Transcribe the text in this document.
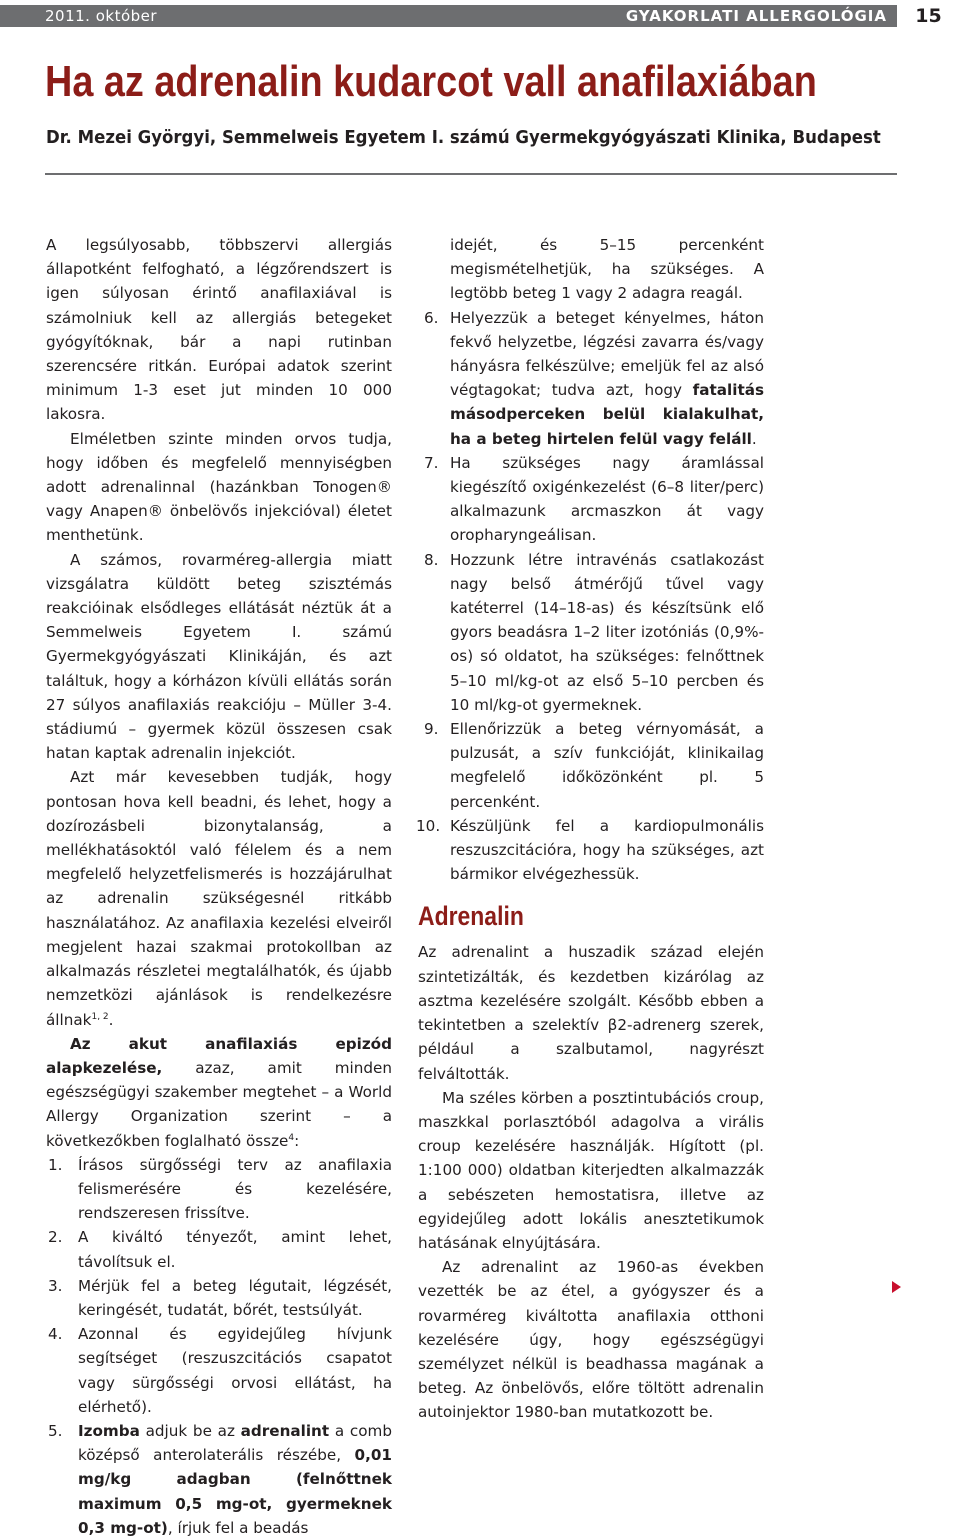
2011. október	GYAKORLATI ALLERGOLÓGIA	15
Ha az adrenalin kudarcot vall anafilaxiában

Dr. Mezei Györgyi, Semmelweis Egyetem I. számú Gyermekgyógyászati Klinika, Budapest

A legsúlyosabb, többszervi allergiás állapotként felfogható, a légzőrendszert is igen súlyosan érintő anafilaxiával is számolniuk kell az allergiás betegeket gyógyítóknak, bár a napi rutinban szerencsére ritkán. Európai adatok szerint minimum 1-3 eset jut minden 10 000 lakosra.

Elméletben szinte minden orvos tudja, hogy időben és megfelelő mennyiségben adott adrenalinnal (hazánkban Tonogen® vagy Anapen® önbelövős injekcióval) életet menthetünk.

A számos, rovarméreg-allergia miatt vizsgálatra küldött beteg szisztémás reakcióinak elsődleges ellátását néztük át a Semmelweis Egyetem I. számú Gyermekgyógyászati Klinikáján, és azt találtuk, hogy a kórházon kívüli ellátás során 27 súlyos anafilaxiás reakcióju – Müller 3-4. stádiumú – gyermek közül összesen csak hatan kaptak adrenalin injekciót.

Azt már kevesebben tudják, hogy pontosan hova kell beadni, és lehet, hogy a dozírozásbeli bizonytalanság, a mellékhatásoktól való félelem és a nem megfelelő helyzetfelismerés is hozzájárulhat az adrenalin szükségesnél ritkább használatához. Az anafilaxia kezelési elveiről megjelent hazai szakmai protokollban az alkalmazás részletei megtalálhatók, és újabb nemzetközi ajánlások is rendelkezésre állnak$^{1, 2}$.

Az akut anafilaxiás epizód alapkezelése, azaz, amit minden egészségügyi szakember megtehet – a World Allergy Organization szerint – a következőkben foglalható össze$^4$:

1. Írásos sürgősségi terv az anafilaxia felismerésére és kezelésére, rendszeresen frissítve.
2. A kiváltó tényezőt, amint lehet, távolítsuk el.
3. Mérjük fel a beteg légutait, légzését, keringését, tudatát, bőrét, testsúlyát.
4. Azonnal és egyidejűleg hívjunk segítséget (reszuszcitációs csapatot vagy sürgősségi orvosi ellátást, ha elérhető).
5. Izomba adjuk be az adrenalint a comb középső anterolaterális részébe, 0,01 mg/kg adagban (felnőttnek maximum 0,5 mg-ot, gyermeknek 0,3 mg-ot), írjuk fel a beadás

idejét, és 5–15 percenként megismételhetjük, ha szükséges. A legtöbb beteg 1 vagy 2 adagra reagál.

6. Helyezzük a beteget kényelmes, háton fekvő helyzetbe, légzési zavarra és/vagy hányásra felkészülve; emeljük fel az alsó végtagokat; tudva azt, hogy fatalitás másodperceken belül kialakulhat, ha a beteg hirtelen felül vagy feláll.
7. Ha szükséges nagy áramlással kiegészítő oxigénkezelést (6–8 liter/perc) alkalmazunk arcmaszkon át vagy oropharyngeálisan.
8. Hozzunk létre intravénás csatlakozást nagy belső átmérőjű tűvel vagy katéterrel (14–18-as) és készítsünk elő gyors beadásra 1–2 liter izotóniás (0,9%-os) só oldatot, ha szükséges: felnőttnek 5–10 ml/kg-ot az első 5–10 percben és 10 ml/kg-ot gyermeknek.
9. Ellenőrizzük a beteg vérnyomását, a pulzusát, a szív funkcióját, klinikailag megfelelő időközönként pl. 5 percenként.
10. Készüljünk fel a kardiopulmonális reszuszcitációra, hogy ha szükséges, azt bármikor elvégezhessük.
Adrenalin

Az adrenalint a huszadik század elején szintetizálták, és kezdetben kizárólag az asztma kezelésére szolgált. Később ebben a tekintetben a szelektív β2-adrenerg szerek, például a szalbutamol, nagyrészt felváltották.

Ma széles körben a posztintubációs croup, maszkkal porlasztóból adagolva a virális croup kezelésére használják. Hígított (pl. 1:100 000) oldatban kiterjedten alkalmazzák a sebészeten hemostatisra, illetve az egyidejűleg adott lokális anesztetikumok hatásának elnyújtására.

Az adrenalint az 1960-as években vezették be az étel, a gyógyszer és a rovarméreg kiváltotta anafilaxia otthoni kezelésére úgy, hogy egészségügyi személyzet nélkül is beadhassa magának a beteg. Az önbelövős, előre töltött adrenalin autoinjektor 1980-ban mutatkozott be.
